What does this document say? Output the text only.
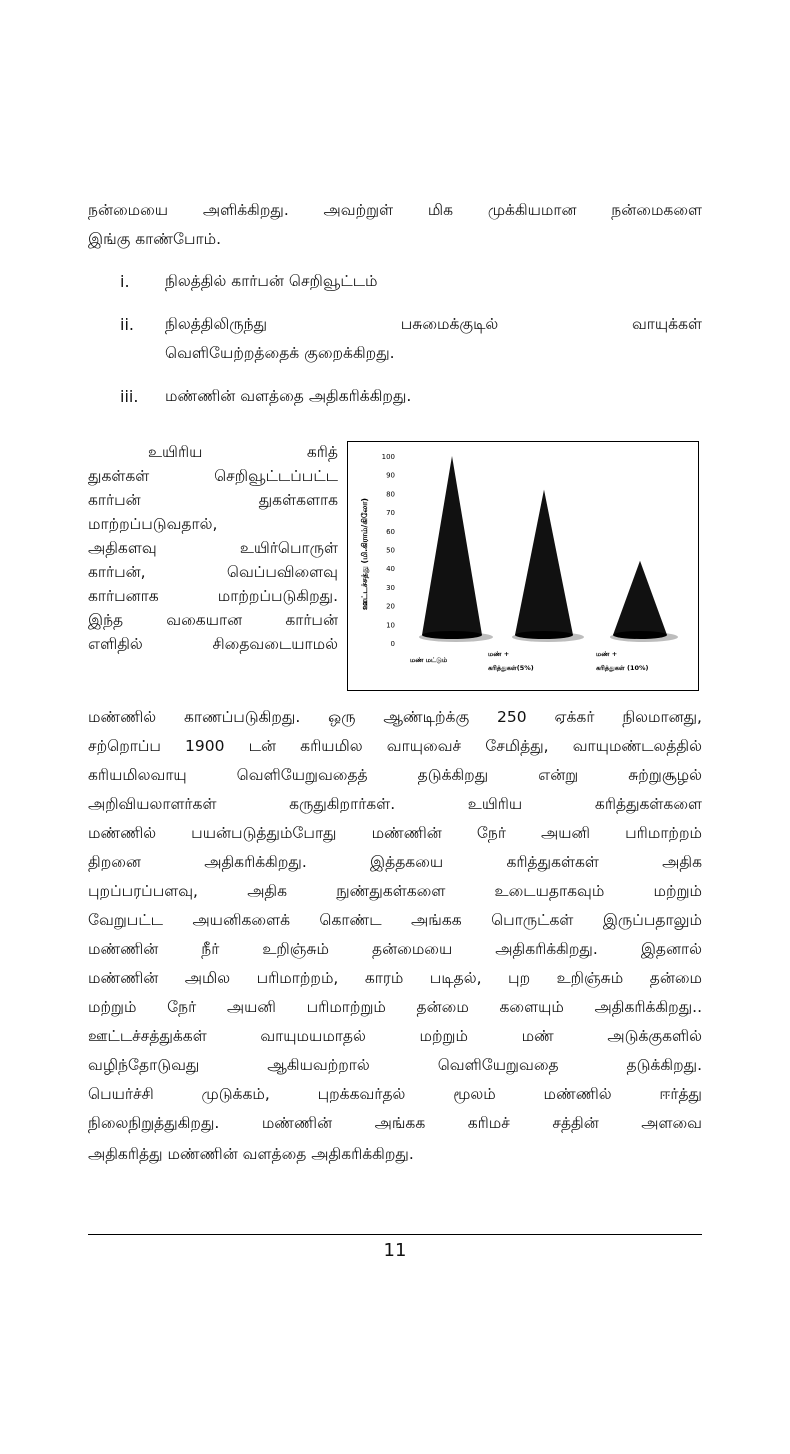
நன்மையை அளிக்கிறது. அவற்றுள் மிக முக்கியமான நன்மைகளை
இங்கு காண்போம்.
i.	நிலத்தில் கார்பன் செறிவூட்டம்
ii.	நிலத்திலிருந்து	பசுமைக்குடில்	வாயுக்கள்
வெளியேற்றத்தைக் குறைக்கிறது.
iii.	மண்ணின் வளத்தை அதிகரிக்கிறது.
உயிரிய கரித்
துகள்கள் செறிவூட்டப்பட்ட
கார்பன் துகள்களாக
மாற்றப்படுவதால்,
அதிகளவு உயிர்பொருள்
கார்பன், வெப்பவிளைவு
கார்பனாக மாற்றப்படுகிறது.
இந்த வகையான கார்பன்
எளிதில் சிதைவடையாமல்
ஊட்டச்சத்து (மி.கிராம்/கிலோ)
0
10
20
30
40
50
60
70
80
90
100
மண் மட்டும்
மண் + கரித்துகள்(5%)
மண் + கரித்துகள் (10%)
மண்ணில் காணப்படுகிறது. ஒரு ஆண்டிற்க்கு 250 ஏக்கர் நிலமானது,
சற்றொப்ப 1900 டன் கரியமில வாயுவைச் சேமித்து, வாயுமண்டலத்தில்
கரியமிலவாயு வெளியேறுவதைத் தடுக்கிறது என்று சுற்றுசூழல்
அறிவியலாளர்கள் கருதுகிறார்கள். உயிரிய கரித்துகள்களை
மண்ணில் பயன்படுத்தும்போது மண்ணின் நேர் அயனி பரிமாற்றம்
திறனை அதிகரிக்கிறது. இத்தகயை கரித்துகள்கள் அதிக
புறப்பரப்பளவு, அதிக நுண்துகள்களை உடையதாகவும் மற்றும்
வேறுபட்ட அயனிகளைக் கொண்ட அங்கக பொருட்கள் இருப்பதாலும்
மண்ணின் நீர் உறிஞ்சும் தன்மையை அதிகரிக்கிறது. இதனால்
மண்ணின் அமில பரிமாற்றம், காரம் படிதல், புற உறிஞ்சும் தன்மை
மற்றும் நேர் அயனி பரிமாற்றும் தன்மை களையும் அதிகரிக்கிறது..
ஊட்டச்சத்துக்கள் வாயுமயமாதல் மற்றும் மண் அடுக்குகளில்
வழிந்தோடுவது ஆகியவற்றால் வெளியேறுவதை தடுக்கிறது.
பெயர்ச்சி முடுக்கம், புறக்கவர்தல் மூலம் மண்ணில் ஈர்த்து
நிலைநிறுத்துகிறது. மண்ணின் அங்கக கரிமச் சத்தின் அளவை
அதிகரித்து மண்ணின் வளத்தை அதிகரிக்கிறது.
11
